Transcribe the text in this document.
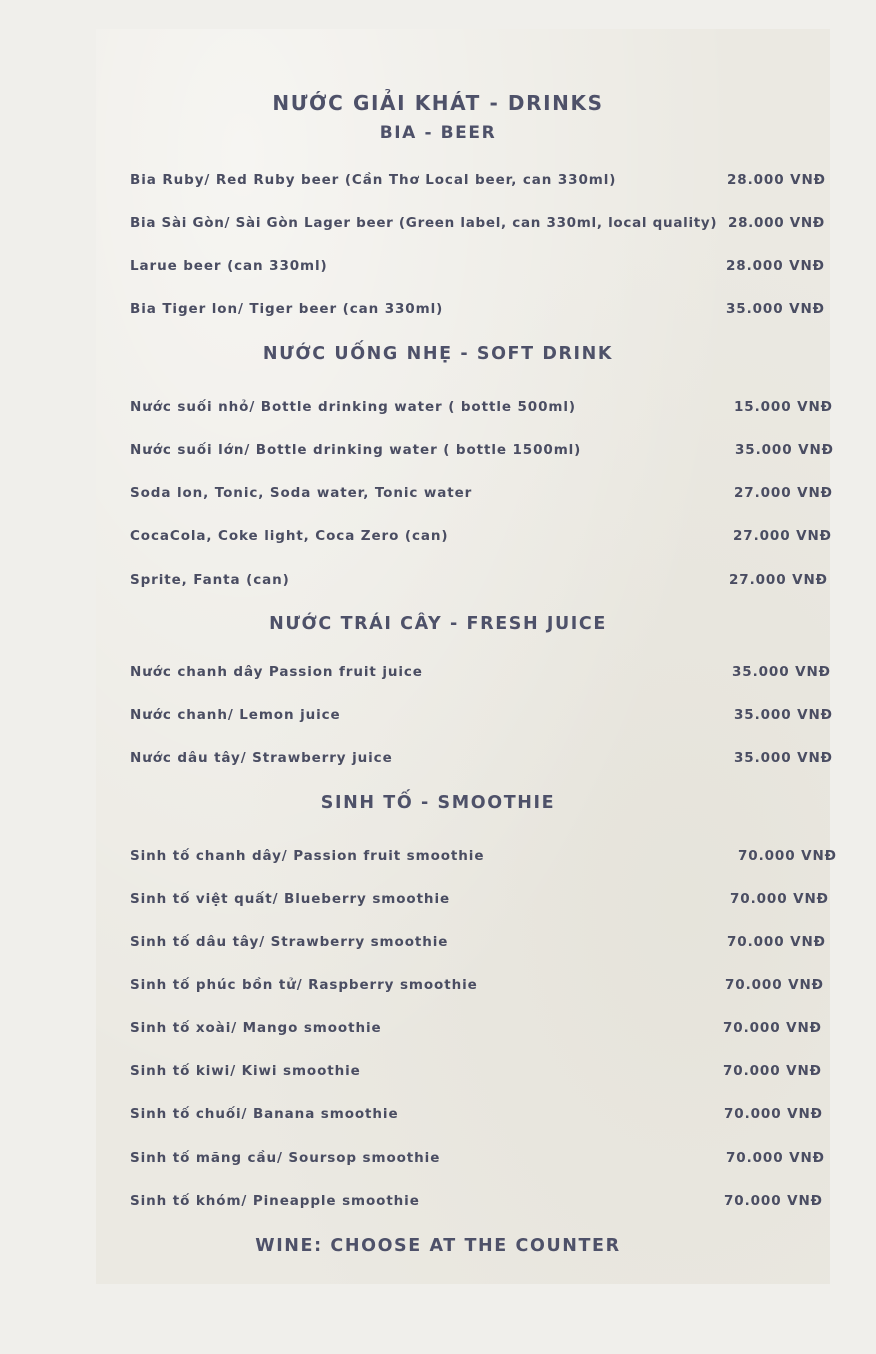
NƯỚC GIẢI KHÁT - DRINKS
BIA - BEER
Bia Ruby/ Red Ruby beer (Cần Thơ Local beer, can 330ml)	28.000 VNĐ
Bia Sài Gòn/ Sài Gòn Lager beer (Green label, can 330ml, local quality) 28.000 VNĐ
Larue beer (can 330ml)	28.000 VNĐ
Bia Tiger lon/ Tiger beer (can 330ml)	35.000 VNĐ
NƯỚC UỐNG NHẸ - SOFT DRINK
Nước suối nhỏ/ Bottle drinking water ( bottle 500ml)	15.000 VNĐ
Nước suối lớn/ Bottle drinking water ( bottle 1500ml)	35.000 VNĐ
Soda lon, Tonic, Soda water, Tonic water	27.000 VNĐ
CocaCola, Coke light, Coca Zero (can)	27.000 VNĐ
Sprite, Fanta (can)	27.000 VNĐ
NƯỚC TRÁI CÂY - FRESH JUICE
Nước chanh dây Passion fruit juice	35.000 VNĐ
Nước chanh/ Lemon juice	35.000 VNĐ
Nước dâu tây/ Strawberry juice	35.000 VNĐ
SINH TỐ - SMOOTHIE
Sinh tố chanh dây/ Passion fruit smoothie	70.000 VNĐ
Sinh tố việt quất/ Blueberry smoothie	70.000 VNĐ
Sinh tố dâu tây/ Strawberry smoothie	70.000 VNĐ
Sinh tố phúc bồn tử/ Raspberry smoothie	70.000 VNĐ
Sinh tố xoài/ Mango smoothie	70.000 VNĐ
Sinh tố kiwi/ Kiwi smoothie	70.000 VNĐ
Sinh tố chuối/ Banana smoothie	70.000 VNĐ
Sinh tố mãng cầu/ Soursop smoothie	70.000 VNĐ
Sinh tố khóm/ Pineapple smoothie	70.000 VNĐ
WINE: CHOOSE AT THE COUNTER
